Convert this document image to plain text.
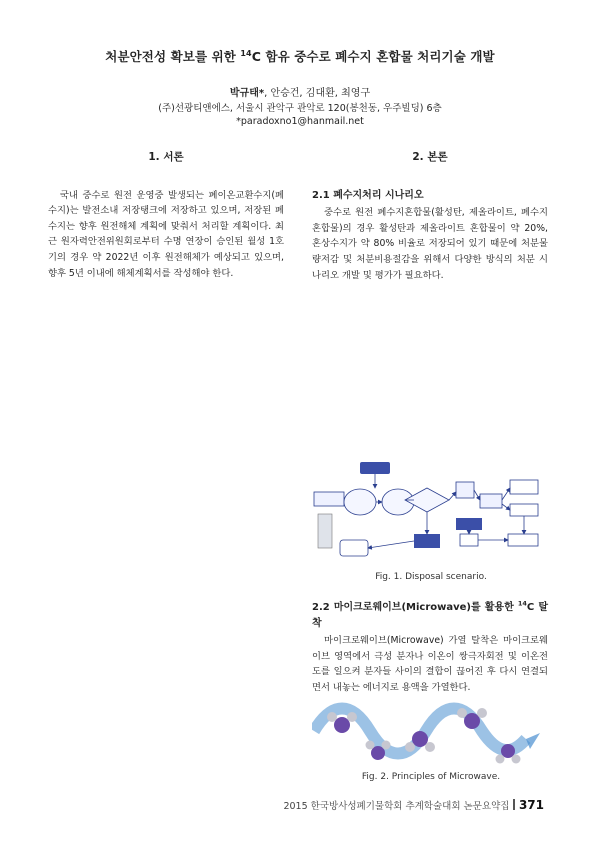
처분안전성 확보를 위한 $^{14}$C 함유 중수로 폐수지 혼합물 처리기술 개발
박규태*, 안승건, 김대환, 최영구
(주)선광티앤에스, 서울시 관악구 관악로 120(봉천동, 우주빌딩) 6층
*paradoxno1@hanmail.net
1. 서론

국내 중수로 원전 운영중 발생되는 폐이온교환수지(폐수지)는 발전소내 저장탱크에 저장하고 있으며, 저장된 폐수지는 향후 원전해체 계획에 맞춰서 처리할 계획이다. 최근 원자력안전위원회로부터 수명 연장이 승인된 월성 1호기의 경우 약 2022년 이후 원전해체가 예상되고 있으며, 향후 5년 이내에 해체계획서를 작성해야 한다.

2. 본론
2.1 폐수지처리 시나리오

중수로 원전 폐수지혼합물(활성탄, 제올라이트, 폐수지 혼합물)의 경우 활성탄과 제올라이트 혼합물이 약 20%, 혼상수지가 약 80% 비율로 저장되어 있기 때문에 처분물량저감 및 처분비용절감을 위해서 다양한 방식의 처분 시나리오 개발 및 평가가 필요하다.

Fig. 1. Disposal scenario.
2.2 마이크로웨이브(Microwave)를 활용한 $^{14}$C 탈착

마이크로웨이브(Microwave) 가열 탈착은 마이크로웨이브 영역에서 극성 분자나 이온이 쌍극자회전 및 이온전도를 일으켜 분자들 사이의 결합이 끊어진 후 다시 연결되면서 내놓는 에너지로 용액을 가열한다.

Fig. 2. Principles of Microwave.
2015 한국방사성폐기물학회 추계학술대회 논문요약집 371
